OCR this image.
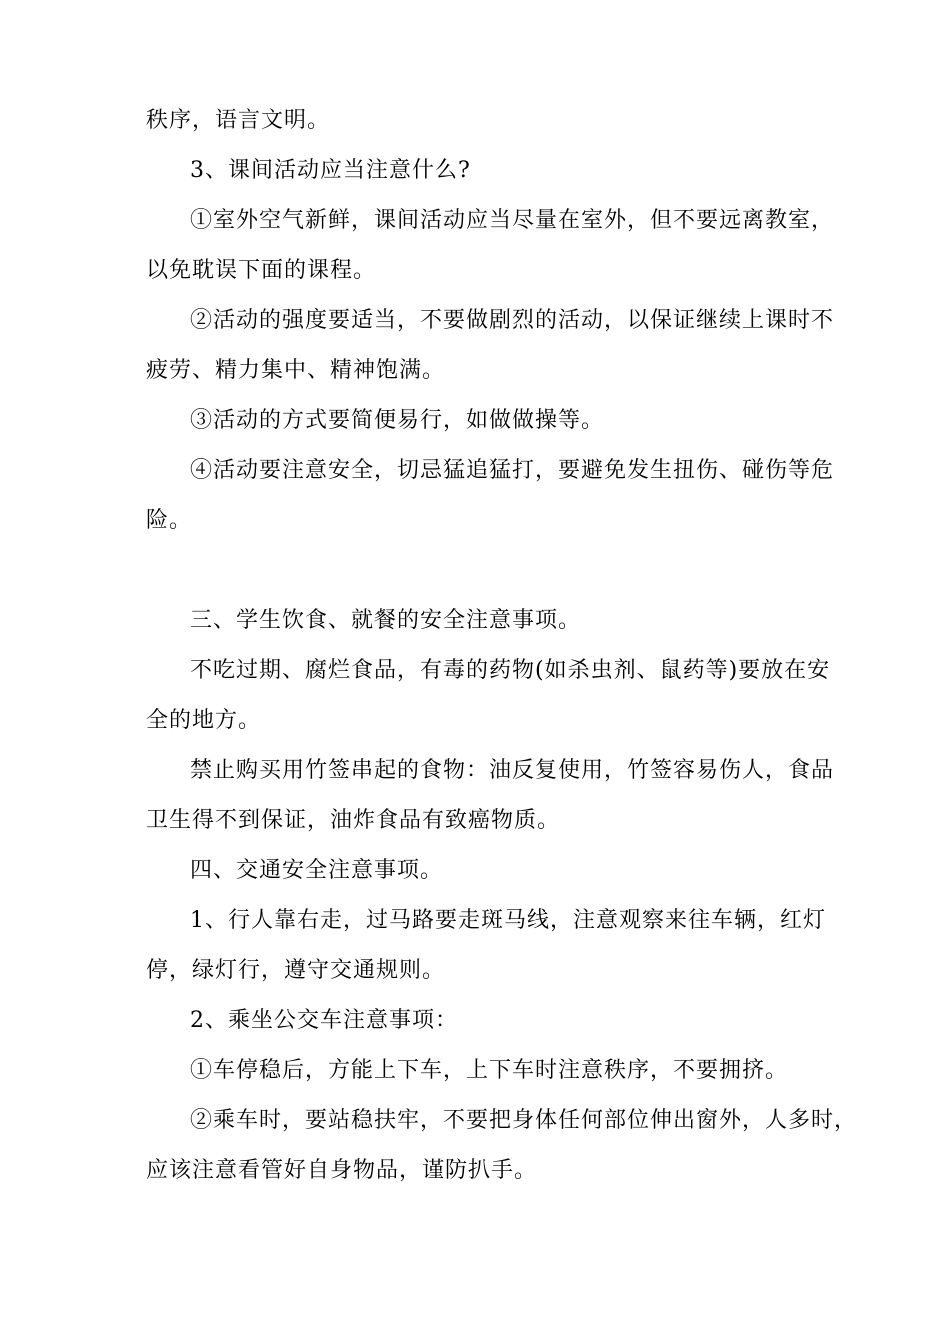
秩序，语言文明。
3、课间活动应当注意什么?
①室外空气新鲜，课间活动应当尽量在室外，但不要远离教室，
以免耽误下面的课程。
②活动的强度要适当，不要做剧烈的活动，以保证继续上课时不
疲劳、精力集中、精神饱满。
③活动的方式要简便易行，如做做操等。
④活动要注意安全，切忌猛追猛打，要避免发生扭伤、碰伤等危
险。
三、学生饮食、就餐的安全注意事项。
不吃过期、腐烂食品，有毒的药物(如杀虫剂、鼠药等)要放在安
全的地方。
禁止购买用竹签串起的食物：油反复使用，竹签容易伤人，食品
卫生得不到保证，油炸食品有致癌物质。
四、交通安全注意事项。
1、行人靠右走，过马路要走斑马线，注意观察来往车辆，红灯
停，绿灯行，遵守交通规则。
2、乘坐公交车注意事项：
①车停稳后，方能上下车，上下车时注意秩序，不要拥挤。
②乘车时，要站稳扶牢，不要把身体任何部位伸出窗外，人多时，
应该注意看管好自身物品，谨防扒手。
